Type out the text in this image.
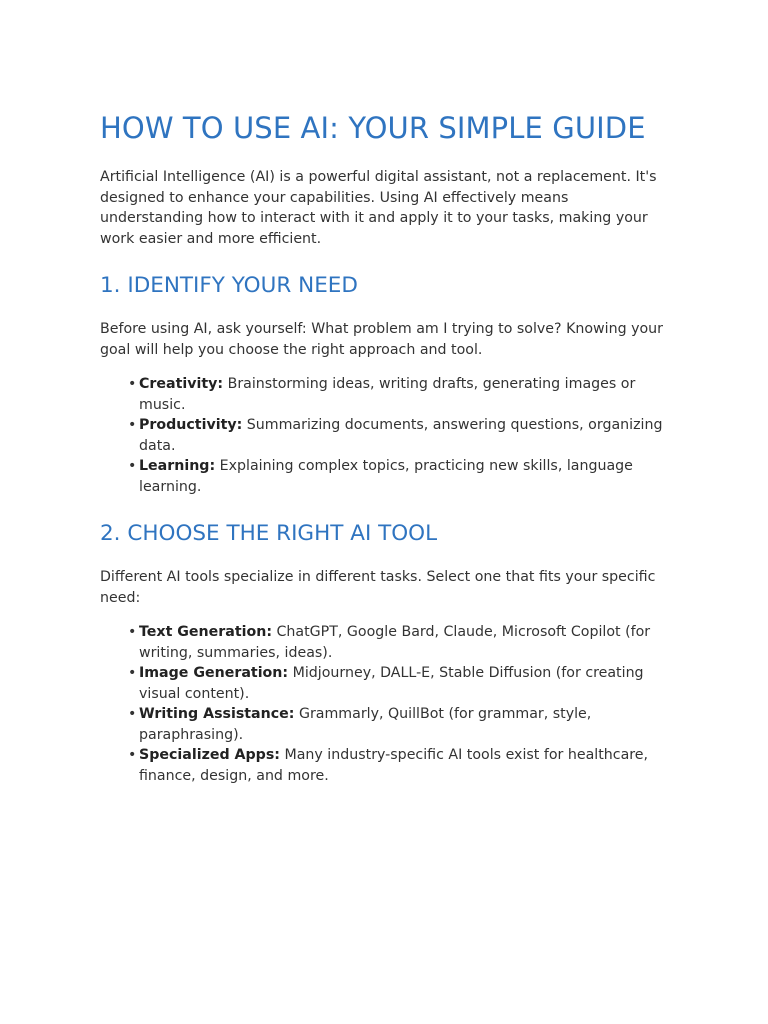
HOW TO USE AI: YOUR SIMPLE GUIDE

Artificial Intelligence (AI) is a powerful digital assistant, not a replacement. It's designed to enhance your capabilities. Using AI effectively means understanding how to interact with it and apply it to your tasks, making your work easier and more efficient.

1. IDENTIFY YOUR NEED

Before using AI, ask yourself: What problem am I trying to solve? Knowing your goal will help you choose the right approach and tool.

• Creativity: Brainstorming ideas, writing drafts, generating images or music.
• Productivity: Summarizing documents, answering questions, organizing data.
• Learning: Explaining complex topics, practicing new skills, language learning.
2. CHOOSE THE RIGHT AI TOOL

Different AI tools specialize in different tasks. Select one that fits your specific need:

• Text Generation: ChatGPT, Google Bard, Claude, Microsoft Copilot (for writing, summaries, ideas).
• Image Generation: Midjourney, DALL-E, Stable Diffusion (for creating visual content).
• Writing Assistance: Grammarly, QuillBot (for grammar, style, paraphrasing).
• Specialized Apps: Many industry-specific AI tools exist for healthcare, finance, design, and more.
